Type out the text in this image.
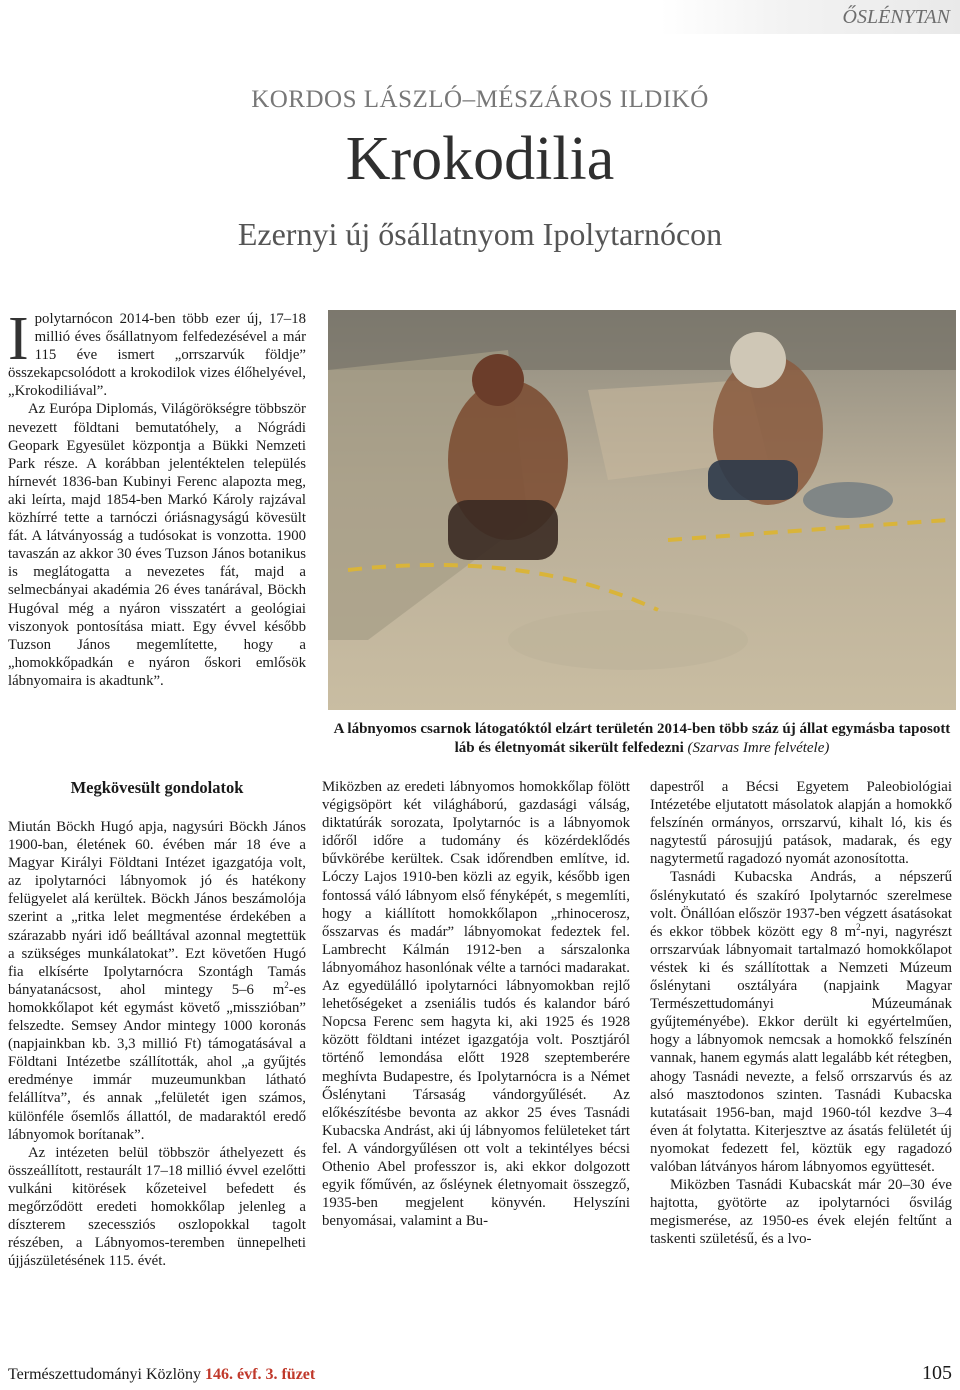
ŐSLÉNYTAN
KORDOS LÁSZLÓ–MÉSZÁROS ILDIKÓ
Krokodilia
Ezernyi új ősállatnyom Ipolytarnócon

Ipolytarnócon 2014-ben több ezer új, 17–18 millió éves ősállatnyom felfedezésével a már 115 éve ismert „orrszarvúk földje” összekapcsolódott a krokodilok vizes élőhelyével, „Krokodiliával”.

Az Európa Diplomás, Világörökségre többször nevezett földtani bemutatóhely, a Nógrádi Geopark Egyesület központja a Bükki Nemzeti Park része. A korábban jelentéktelen település hírnevét 1836-ban Kubinyi Ferenc alapozta meg, aki leírta, majd 1854-ben Markó Károly rajzával közhírré tette a tarnóczi óriásnagyságú kövesült fát. A látványosság a tudósokat is vonzotta. 1900 tavaszán az akkor 30 éves Tuzson János botanikus is meglátogatta a nevezetes fát, majd a selmecbányai akadémia 26 éves tanárával, Böckh Hugóval még a nyáron visszatért a geológiai viszonyok pontosítása miatt. Egy évvel később Tuzson János megemlítette, hogy a „homokkőpadkán e nyáron őskori emlősök lábnyomaira is akadtunk”.

A lábnyomos csarnok látogatóktól elzárt területén 2014-ben több száz új állat egymásba taposott láb és életnyomát sikerült felfedezni (Szarvas Imre felvétele)
Megkövesült gondolatok

Miután Böckh Hugó apja, nagysúri Böckh János 1900-ban, életének 60. évében már 18 éve a Magyar Királyi Földtani Intézet igazgatója volt, az ipolytarnóci lábnyomok jó és hatékony felügyelet alá kerültek. Böckh János beszámolója szerint a „ritka lelet megmentése érdekében a szárazabb nyári idő beálltával azonnal megtettük a szükséges munkálatokat”. Ezt követően Hugó fia elkísérte Ipolytarnócra Szontágh Tamás bányatanácsost, ahol mintegy 5–6 $m^2-es$ homokkőlapot két egymást követő „misszióban” felszedte. Semsey Andor mintegy 1000 koronás (napjainkban kb. 3,3 millió Ft) támogatásával a Földtani Intézetbe szállították, ahol „a gyűjtés eredménye immár muzeumunkban látható felállítva”, és annak „felületét igen számos, különféle ősemlős állattól, de madaraktól eredő lábnyomok borítanak”.

Az intézeten belül többször áthelyezett és összeállított, restaurált 17–18 millió évvel ezelőtti vulkáni kitörések kőzeteivel befedett és megőrződött eredeti homokkőlap jelenleg a díszterem szecessziós oszlopokkal tagolt részében, a Lábnyomos-teremben ünnepelheti újjászületésének 115. évét.

Miközben az eredeti lábnyomos homokkőlap fölött végigsöpört két világháború, gazdasági válság, diktatúrák sorozata, Ipolytarnóc is a lábnyomok időről időre a tudomány és közérdeklődés bűvkörébe kerültek. Csak időrendben említve, id. Lóczy Lajos 1910-ben közli az egyik, később igen fontossá váló lábnyom első fényképét, s megemlíti, hogy a kiállított homokkőlapon „rhinocerosz, ősszarvas és madár” lábnyomokat fedeztek fel. Lambrecht Kálmán 1912-ben a sárszalonka lábnyomához hasonlónak vélte a tarnóci madarakat. Az egyedülálló ipolytarnóci lábnyomokban rejlő lehetőségeket a zseniális tudós és kalandor báró Nopcsa Ferenc sem hagyta ki, aki 1925 és 1928 között földtani intézet igazgatója volt. Posztjáról történő lemondása előtt 1928 szeptemberére meghívta Budapestre, és Ipolytarnócra is a Német Őslénytani Társaság vándorgyűlését. Az előkészítésbe bevonta az akkor 25 éves Tasnádi Kubacska Andrást, aki új lábnyomos felületeket tárt fel. A vándorgyűlésen ott volt a tekintélyes bécsi Othenio Abel professzor is, aki ekkor dolgozott egyik főművén, az ősléynek életnyomait összegző, 1935-ben megjelent könyvén. Helyszíni benyomásai, valamint a Bu-

dapestről a Bécsi Egyetem Paleobiológiai Intézetébe eljutatott másolatok alapján a homokkő felszínén ormányos, orrszarvú, kihalt ló, kis és nagytestű párosujjú patások, madarak, és egy nagytermetű ragadozó nyomát azonosította.

Tasnádi Kubacska András, a népszerű őslénykutató és szakíró Ipolytarnóc szerelmese volt. Önállóan először 1937-ben végzett ásatásokat és ekkor többek között egy 8 $m^2$-nyi, nagyrészt orrszarvúak lábnyomait tartalmazó homokkőlapot véstek ki és szállítottak a Nemzeti Múzeum őslénytani osztályára (napjaink Magyar Természettudományi Múzeumának gyűjteményébe). Ekkor derült ki egyértelműen, hogy a lábnyomok nemcsak a homokkő felszínén vannak, hanem egymás alatt legalább két rétegben, ahogy Tasnádi nevezte, a felső orrszarvús és az alsó masztodonos szinten. Tasnádi Kubacska kutatásait 1956-ban, majd 1960-tól kezdve 3–4 éven át folytatta. Kiterjesztve az ásatás felületét új nyomokat fedezett fel, köztük egy ragadozó valóban látványos három lábnyomos együttesét.

Miközben Tasnádi Kubacskát már 20–30 éve hajtotta, gyötörte az ipolytarnóci ősvilág megismerése, az 1950-es évek elején feltűnt a taskenti születésű, és a lvo-

Természettudományi Közlöny 146. évf. 3. füzet	105
